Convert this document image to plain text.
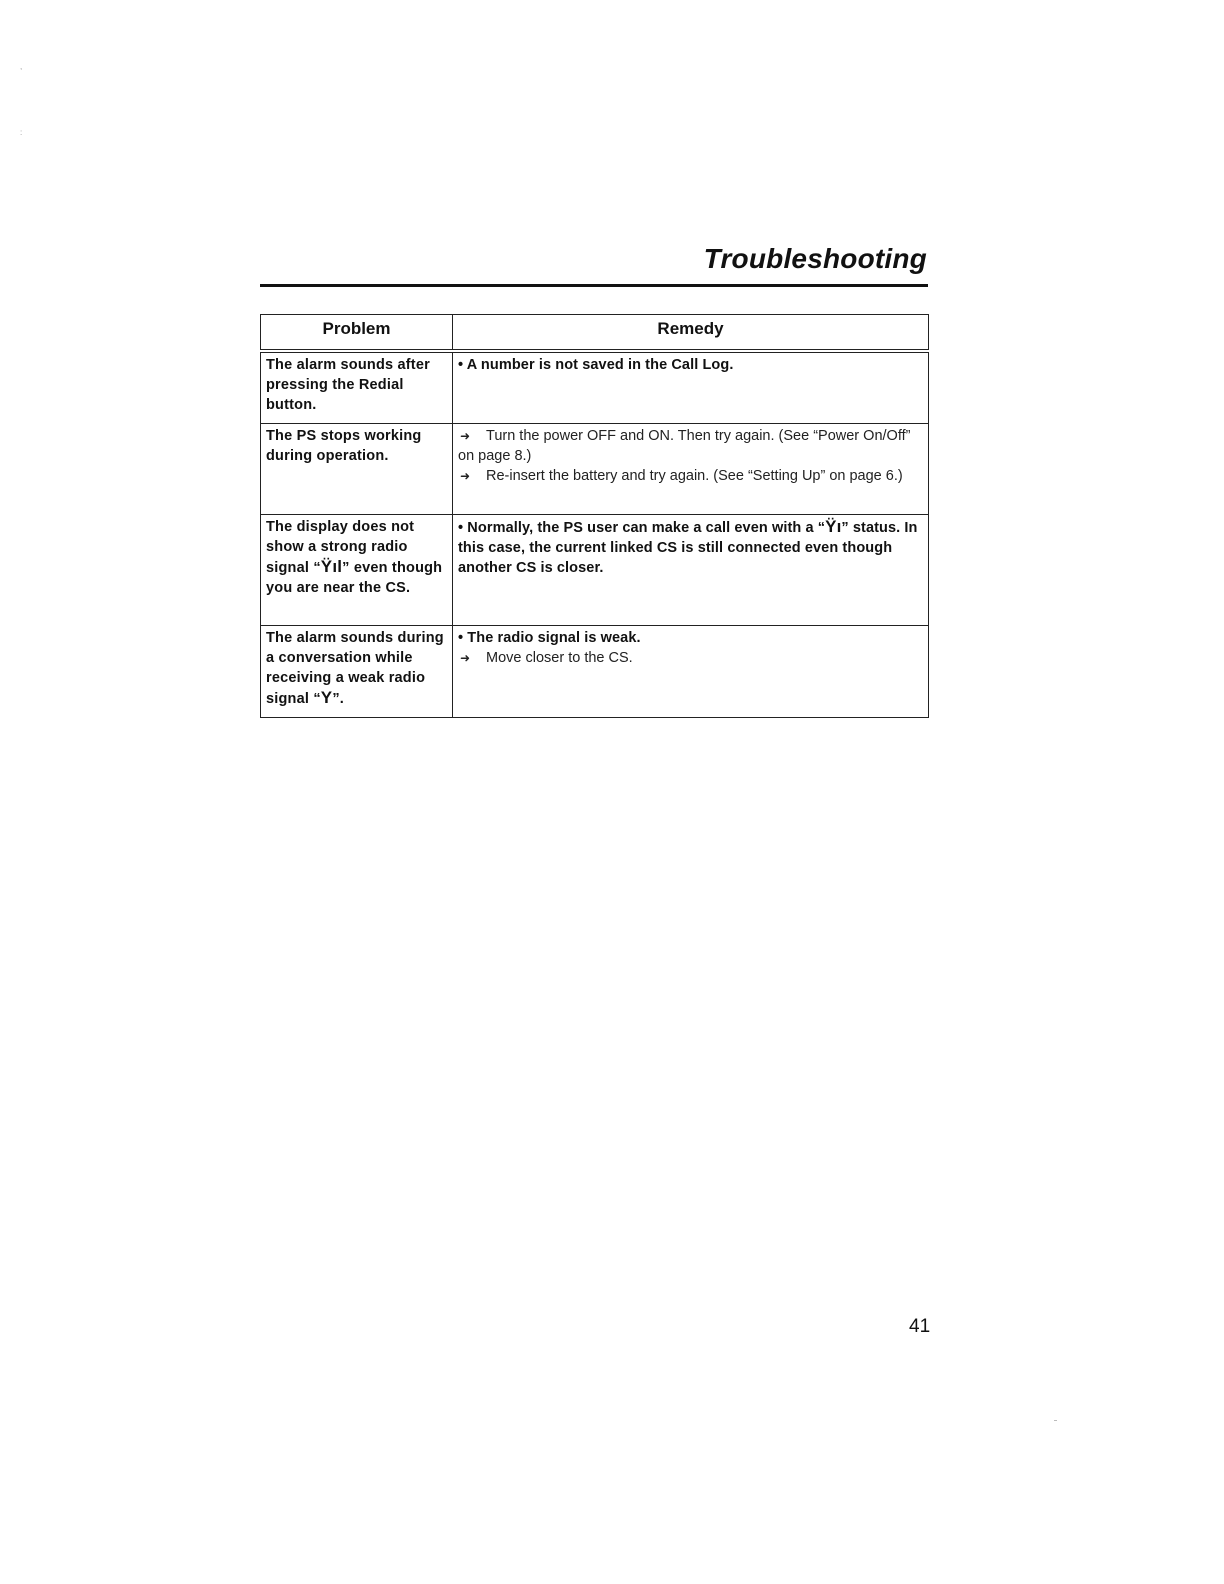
,
:
Troubleshooting
Problem	Remedy
The alarm sounds after pressing the Redial button.	• A number is not saved in the Call Log.

The PS stops working during operation.	➜ Turn the power OFF and ON. Then try again. (See “Power On/Off” on page 8.)
➜ Re-insert the battery and try again. (See “Setting Up” on page 6.)

The display does not show a strong radio signal “Ÿıl” even though you are near the CS.	• Normally, the PS user can make a call even with a “Ÿı” status. In this case, the current linked CS is still connected even though another CS is closer.

The alarm sounds during a conversation while receiving a weak radio signal “Y”.	• The radio signal is weak.
➜ Move closer to the CS.
41
